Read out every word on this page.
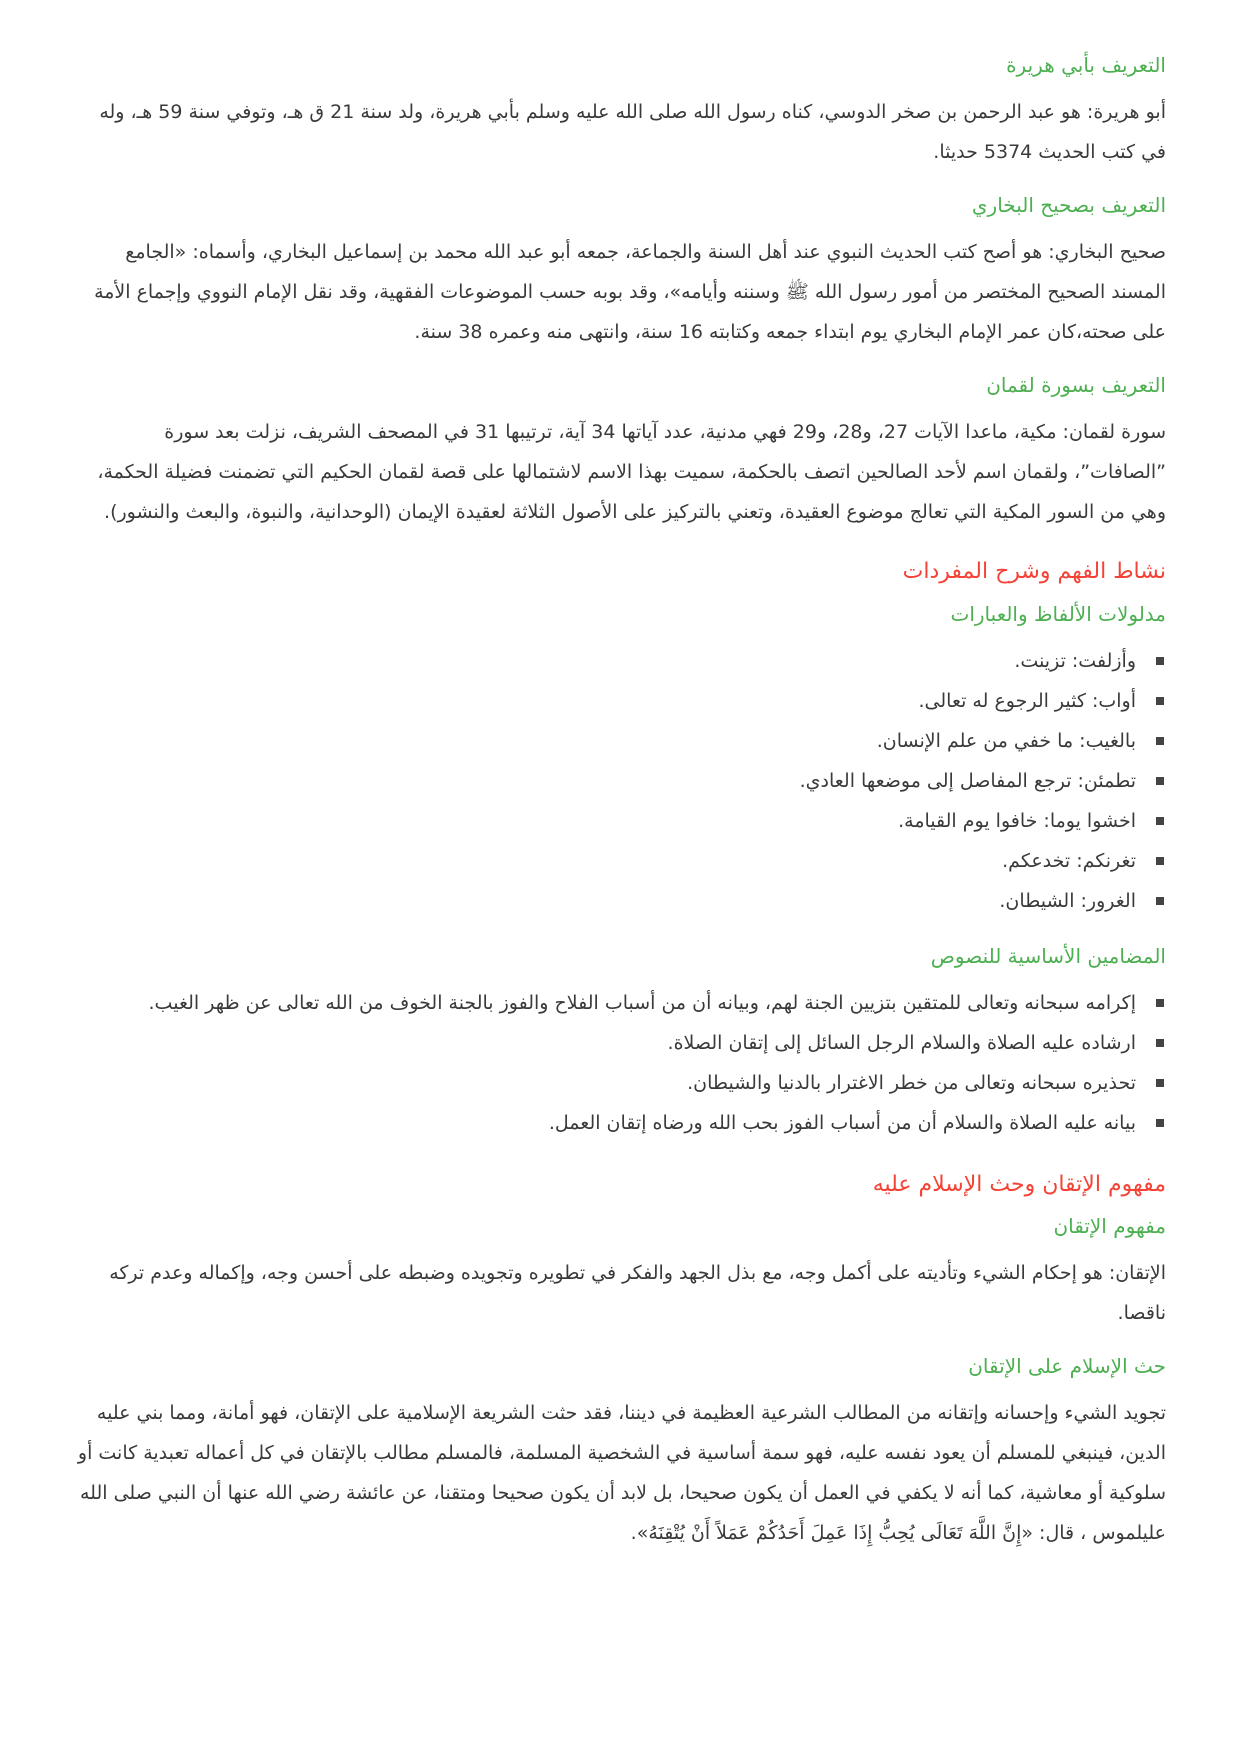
التعريف بأبي هريرة

أبو هريرة: هو عبد الرحمن بن صخر الدوسي، كناه رسول الله صلى الله عليه وسلم بأبي هريرة، ولد سنة 21 ق هـ، وتوفي سنة 59 هـ، وله في كتب الحديث 5374 حديثا.

التعريف بصحيح البخاري

صحيح البخاري: هو أصح كتب الحديث النبوي عند أهل السنة والجماعة، جمعه أبو عبد الله محمد بن إسماعيل البخاري، وأسماه: «الجامع المسند الصحيح المختصر من أمور رسول الله ﷺ وسننه وأيامه»، وقد بوبه حسب الموضوعات الفقهية، وقد نقل الإمام النووي وإجماع الأمة على صحته،كان عمر الإمام البخاري يوم ابتداء جمعه وكتابته 16 سنة، وانتهى منه وعمره 38 سنة.

التعريف بسورة لقمان

سورة لقمان: مكية، ماعدا الآيات 27، و28، و29 فهي مدنية، عدد آياتها 34 آية، ترتيبها 31 في المصحف الشريف، نزلت بعد سورة ”الصافات”، ولقمان اسم لأحد الصالحين اتصف بالحكمة، سميت بهذا الاسم لاشتمالها على قصة لقمان الحكيم التي تضمنت فضيلة الحكمة، وهي من السور المكية التي تعالج موضوع العقيدة، وتعني بالتركيز على الأصول الثلاثة لعقيدة الإيمان (الوحدانية، والنبوة، والبعث والنشور).

نشاط الفهم وشرح المفردات
مدلولات الألفاظ والعبارات
وأزلفت: تزينت.
أواب: كثير الرجوع له تعالى.
بالغيب: ما خفي من علم الإنسان.
تطمئن: ترجع المفاصل إلى موضعها العادي.
اخشوا يوما: خافوا يوم القيامة.
تغرنكم: تخدعكم.
الغرور: الشيطان.
المضامين الأساسية للنصوص
إكرامه سبحانه وتعالى للمتقين بتزيين الجنة لهم، وبيانه أن من أسباب الفلاح والفوز بالجنة الخوف من الله تعالى عن ظهر الغيب.
ارشاده عليه الصلاة والسلام الرجل السائل إلى إتقان الصلاة.
تحذيره سبحانه وتعالى من خطر الاغترار بالدنيا والشيطان.
بيانه عليه الصلاة والسلام أن من أسباب الفوز بحب الله ورضاه إتقان العمل.
مفهوم الإتقان وحث الإسلام عليه
مفهوم الإتقان

الإتقان: هو إحكام الشيء وتأديته على أكمل وجه، مع بذل الجهد والفكر في تطويره وتجويده وضبطه على أحسن وجه، وإكماله وعدم تركه ناقصا.

حث الإسلام على الإتقان

تجويد الشيء وإحسانه وإتقانه من المطالب الشرعية العظيمة في ديننا، فقد حثت الشريعة الإسلامية على الإتقان، فهو أمانة، ومما بني عليه الدين، فينبغي للمسلم أن يعود نفسه عليه، فهو سمة أساسية في الشخصية المسلمة، فالمسلم مطالب بالإتقان في كل أعماله تعبدية كانت أو سلوكية أو معاشية، كما أنه لا يكفي في العمل أن يكون صحيحا، بل لابد أن يكون صحيحا ومتقنا، عن عائشة رضي الله عنها أن النبي صلى الله عليلموس ، قال: «إِنَّ اللَّهَ تَعَالَى يُحِبُّ إِذَا عَمِلَ أَحَدُكُمْ عَمَلاً أَنْ يُتْقِنَهُ».
